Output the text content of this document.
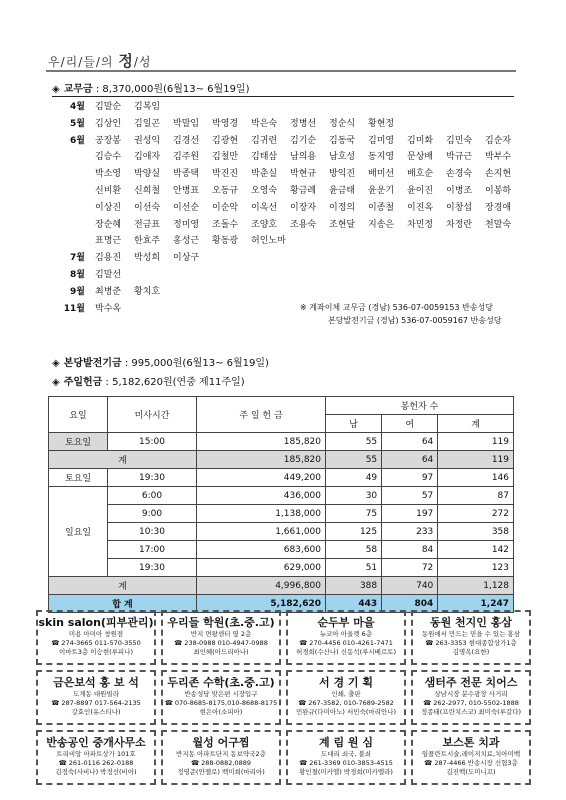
우/리/들/의 정/성
◈ 교무금 : 8,370,000원(6월13~ 6월19일)
4월 김말순 김복임
5월 김상인 김일곤 박말임 박영경 박은숙 정병선 정순식 황현정
6월 공장봉 권성익 김경선 김광현 김귀련 김기순 김동국 김미영 김미화 김민숙 김순자
김승수 김애자 김주원 김철만 김태삼 남의용 남호성 동지영 문상배 박규근 박부수
박소영 박양실 박종택 박진진 박춘실 박현규 방익진 배미선 배호순 손경숙 손지현
신비환 신희철 안병표 오동규 오영숙 황금례 윤금태 윤운기 윤이진 이병조 이봉하
이상진 이선숙 이선순 이순악 이옥선 이장자 이정의 이종철 이진옥 이창섭 장경애
장순혜 전금표 정미영 조돌수 조양호 조용숙 조현달 지송은 차민정 차정란 천말숙
표명근 한효주 홍성근 황동광 허인노마
7월 김용진 박성희 이상구
8월 김말선
9월 최병준 황치호
11월 박수옥	※ 계좌이체 교무금 (경남) 536-07-0059153 반송성당
본당발전기금 (경남) 536-07-0059167 반송성당
◈ 본당발전기금 : 995,000원(6월13~ 6월19일)
◈ 주일헌금 : 5,182,620원(연중 제11주일)
요일	미사시간	주 일 헌 금	봉헌자 수		
			남	여	계
토요일	15:00	185,820	55	64	119
계		185,820	55	64	119
토요일	19:30	449,200	49	97	146
일요일	6:00	436,000	30	57	87
	9:00	1,138,000	75	197	272
	10:30	1,661,000	125	233	358
	17:00	683,600	58	84	142
	19:30	629,000	51	72	123
계		4,996,800	388	740	1,128
합 계		5,182,620	443	804	1,247
skin salon(피부관리)
미용 아미아 창원점
☎ 274-3665 011-570-3550
이마트3층 이승현(루피나)
우리들 학원(초.중.고)
반지 면왕센터 옆 2층
☎ 238-0988 010-4947-0988
최인혜(아드리아나)
순두부 마을
뉴코아 아울렛 6층
☎ 270-4456 010-4261-7471
허경희(수산나) 신동석(루시베르토)
동원 천지인 홍삼
동원에서 만드는 믿을 수 있는 홍삼
☎ 263-3353 현대종합상가1층
김명옥(요한)
금은보석 홍 보 석
도계동 대원빌라
☎ 287-8897 017-564-2135
강효인(유스티나)
두리존 수학(초.중.고)
반송성당 맞은편 시장입구
☎ 070-8685-8175,010-8688-8175
현은아(소피아)
서 경 기 획
인쇄, 출판
☎ 267-3582, 010-7689-2582
민완규(다미아노) 서민숙(마리안나)
샘터주 전문 치어스
상남시장 분수광장 사거리
☎ 262-2977, 010-5502-1888
정종태(프란치스코) 최미숙(루갈다)
반송공인 중개사무소
트리비앙 아파트상가 101호
☎ 261-0116 262-0188
김정숙(사비나) 박정선(비아)
월성 어구찜
반지동 아파트단지 동보약국2층
☎ 288-0882,0889
정영준(안젤로) 백미희(마리아)
계 림 원 심
도대리 쇠국, 불쇠
☎ 261-3369 010-3853-4515
황인철(미카엘) 박경희(미카엘라)
보스톤 치과
임플란트시술,레이저치료,치아미백
☎ 287-4466 반송시장 신협3층
김진백(도미니꼬)
